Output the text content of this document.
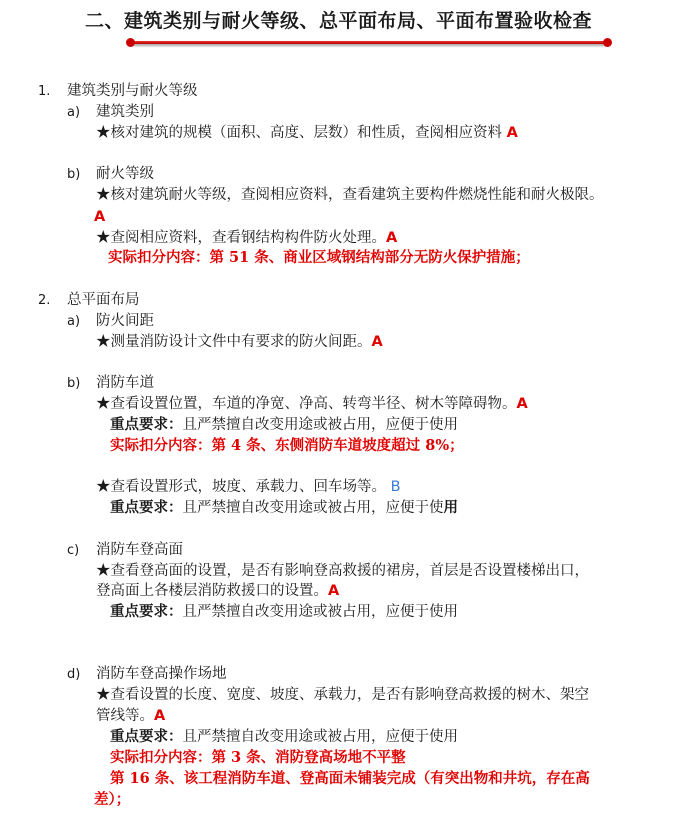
二、建筑类别与耐火等级、总平面布局、平面布置验收检查
1. 建筑类别与耐火等级
a) 建筑类别
★核对建筑的规模（面积、高度、层数）和性质，查阅相应资料 A
b) 耐火等级
★核对建筑耐火等级，查阅相应资料，查看建筑主要构件燃烧性能和耐火极限。
A
★查阅相应资料，查看钢结构构件防火处理。A
实际扣分内容：第 51 条、商业区域钢结构部分无防火保护措施；
2. 总平面布局
a) 防火间距
★测量消防设计文件中有要求的防火间距。A
b) 消防车道
★查看设置位置，车道的净宽、净高、转弯半径、树木等障碍物。A
重点要求：且严禁擅自改变用途或被占用，应便于使用
实际扣分内容：第 4 条、东侧消防车道坡度超过 8%；
★查看设置形式，坡度、承载力、回车场等。 B
重点要求：且严禁擅自改变用途或被占用，应便于使用
c) 消防车登高面
★查看登高面的设置，是否有影响登高救援的裙房，首层是否设置楼梯出口，
登高面上各楼层消防救援口的设置。A
重点要求：且严禁擅自改变用途或被占用，应便于使用
d) 消防车登高操作场地
★查看设置的长度、宽度、坡度、承载力，是否有影响登高救援的树木、架空
管线等。A
重点要求：且严禁擅自改变用途或被占用，应便于使用
实际扣分内容：第 3 条、消防登高场地不平整
第 16 条、该工程消防车道、登高面未铺装完成（有突出物和井坑，存在高
差）；
